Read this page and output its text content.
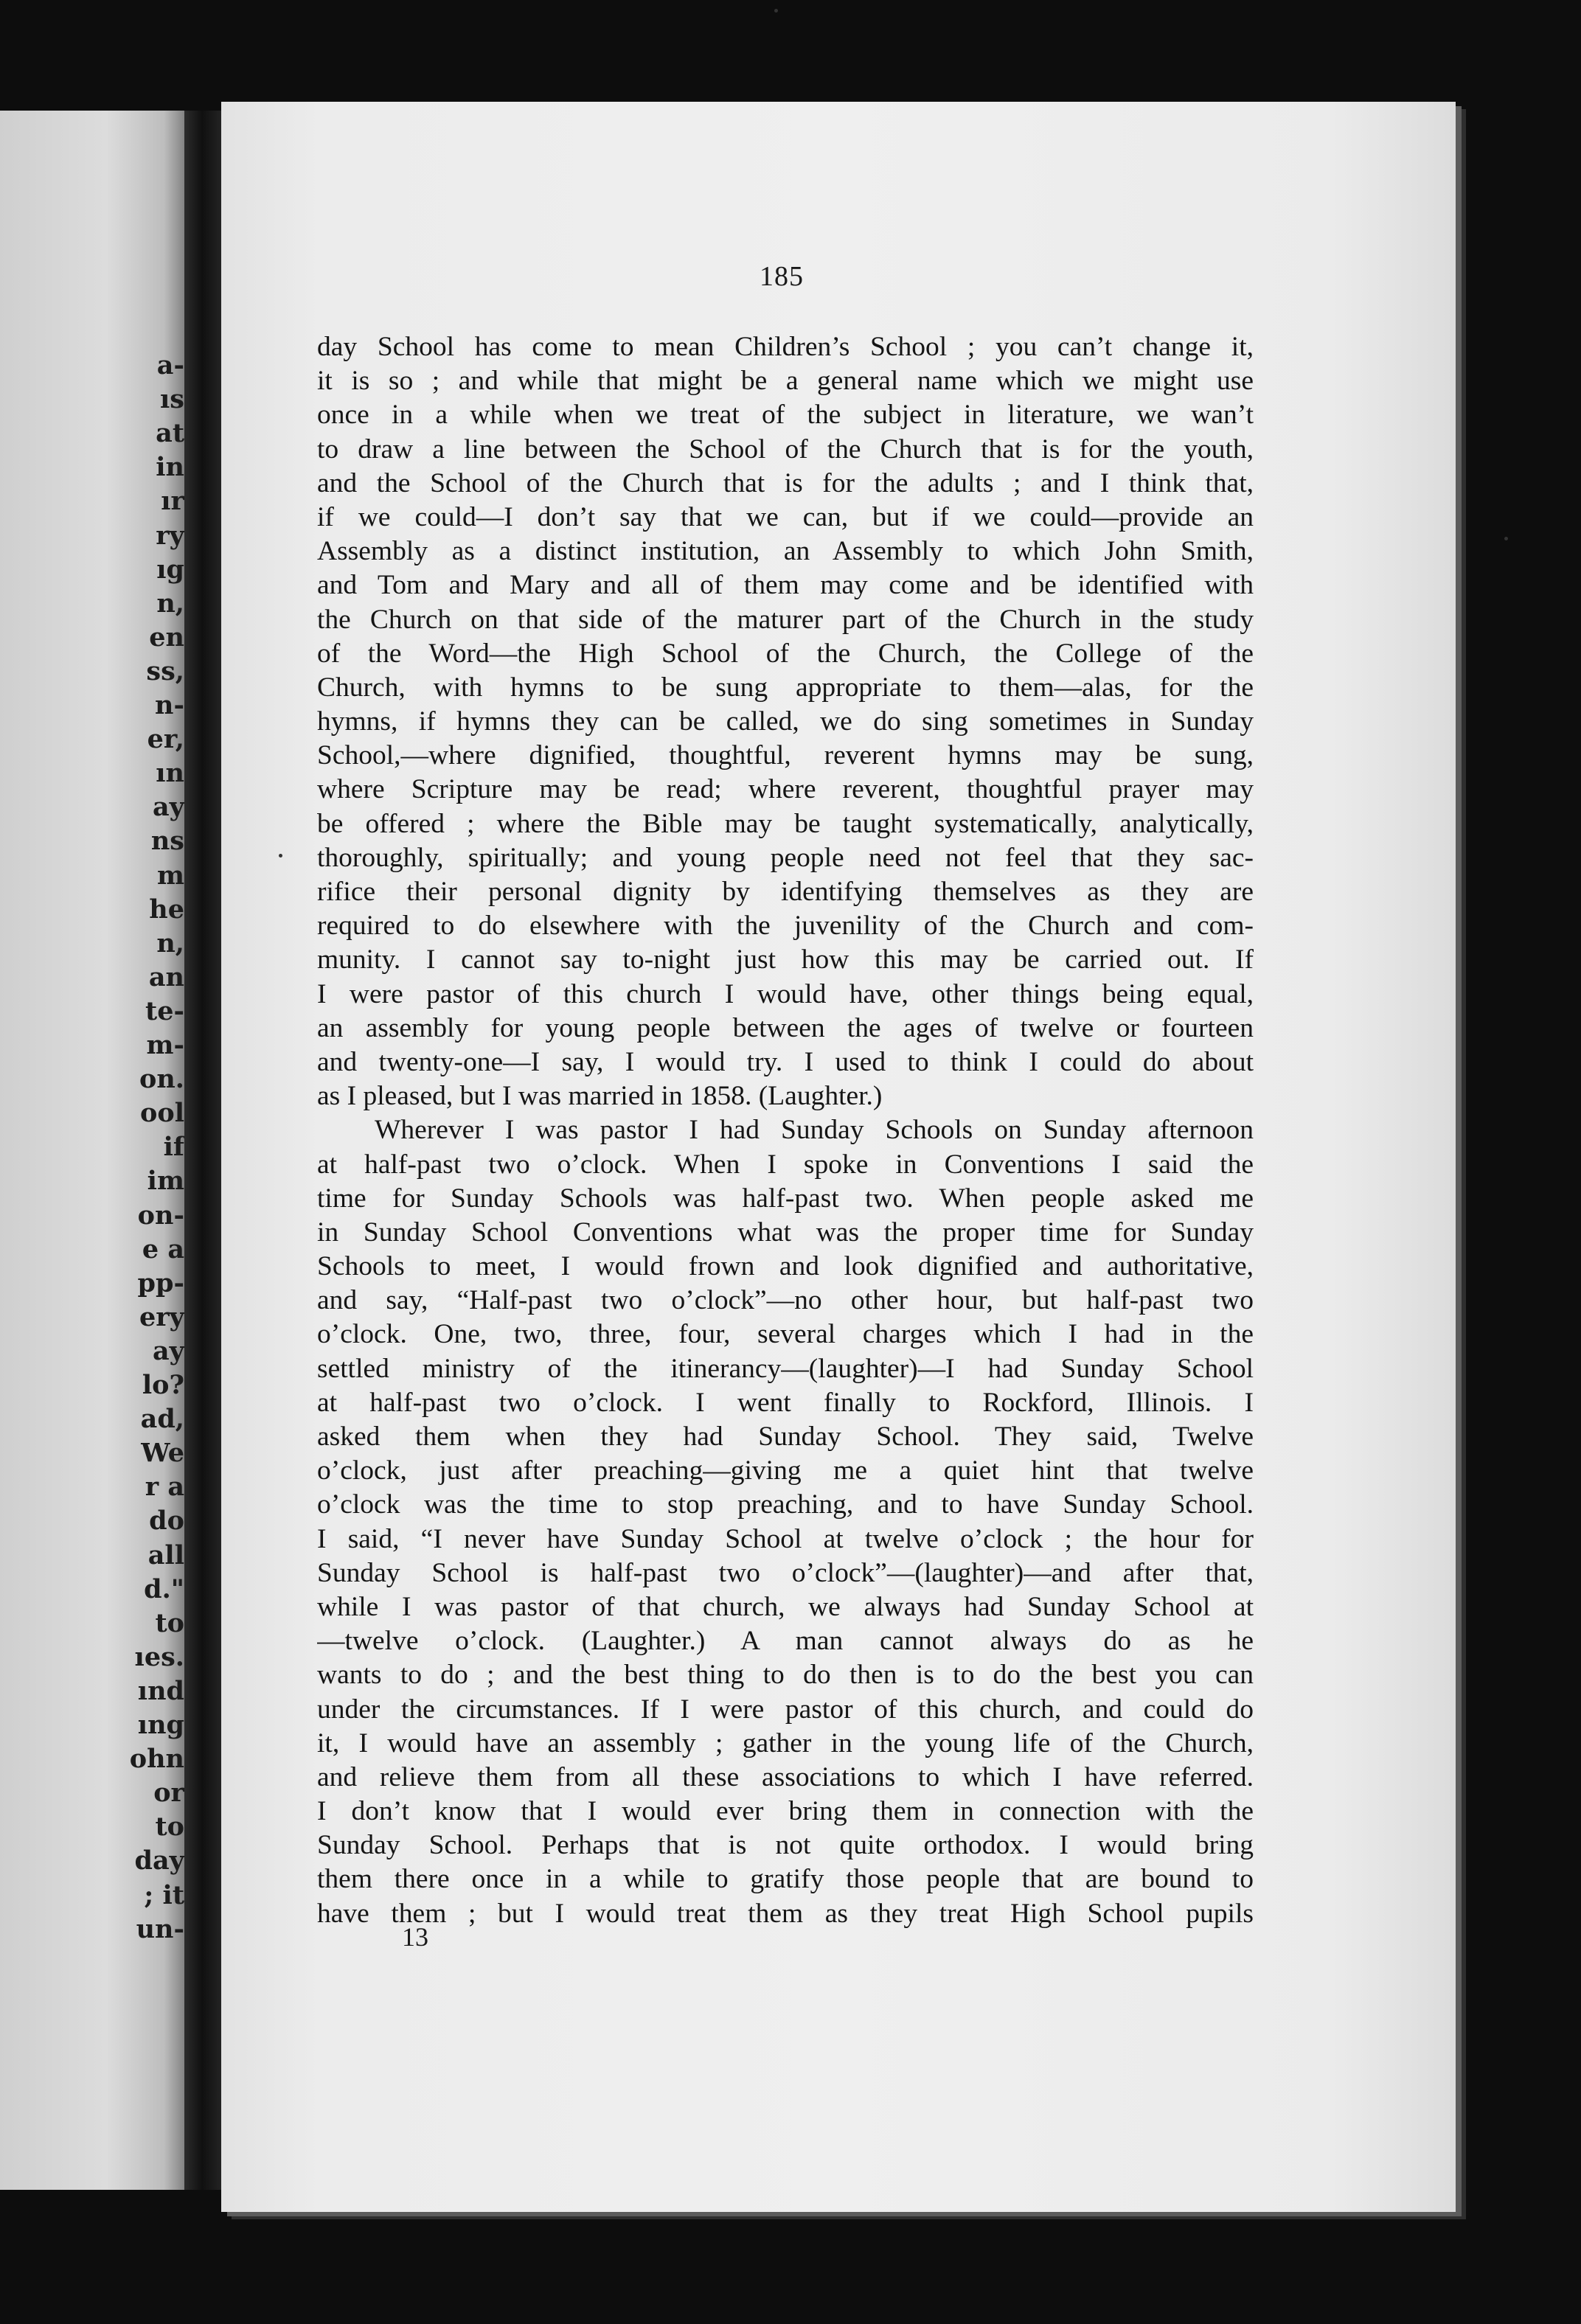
a-
ıs
at
in
ır
ry
ıg
n,
en
ss,
n-
er,
ın
ay
ns
m
he
n,
an
te-
m-
on.
ool
if
im
on-
e a
pp-
ery
ay
lo?
ad,
We
r a
do
all
d."
to
ıes.
ınd
ıng
ohn
or
to
day
; it
un-
185
day School has come to mean Children’s School ; you can’t change it,
it is so ; and while that might be a general name which we might use
once in a while when we treat of the subject in literature, we wan’t
to draw a line between the School of the Church that is for the youth,
and the School of the Church that is for the adults ; and I think that,
if we could—I don’t say that we can, but if we could—provide an
Assembly as a distinct institution, an Assembly to which John Smith,
and Tom and Mary and all of them may come and be identified with
the Church on that side of the maturer part of the Church in the study
of the Word—the High School of the Church, the College of the
Church, with hymns to be sung appropriate to them—alas, for the
hymns, if hymns they can be called, we do sing sometimes in Sunday
School,—where dignified, thoughtful, reverent hymns may be sung,
where Scripture may be read; where reverent, thoughtful prayer may
be offered ; where the Bible may be taught systematically, analytically,
thoroughly, spiritually; and young people need not feel that they sac-
rifice their personal dignity by identifying themselves as they are
required to do elsewhere with the juvenility of the Church and com-
munity. I cannot say to-night just how this may be carried out. If
I were pastor of this church I would have, other things being equal,
an assembly for young people between the ages of twelve or fourteen
and twenty-one—I say, I would try. I used to think I could do about
as I pleased, but I was married in 1858. (Laughter.)
Wherever I was pastor I had Sunday Schools on Sunday afternoon
at half-past two o’clock. When I spoke in Conventions I said the
time for Sunday Schools was half-past two. When people asked me
in Sunday School Conventions what was the proper time for Sunday
Schools to meet, I would frown and look dignified and authoritative,
and say, “Half-past two o’clock”—no other hour, but half-past two
o’clock. One, two, three, four, several charges which I had in the
settled ministry of the itinerancy—(laughter)—I had Sunday School
at half-past two o’clock. I went finally to Rockford, Illinois. I
asked them when they had Sunday School. They said, Twelve
o’clock, just after preaching—giving me a quiet hint that twelve
o’clock was the time to stop preaching, and to have Sunday School.
I said, “I never have Sunday School at twelve o’clock ; the hour for
Sunday School is half-past two o’clock”—(laughter)—and after that,
while I was pastor of that church, we always had Sunday School at
—twelve o’clock. (Laughter.) A man cannot always do as he
wants to do ; and the best thing to do then is to do the best you can
under the circumstances. If I were pastor of this church, and could do
it, I would have an assembly ; gather in the young life of the Church,
and relieve them from all these associations to which I have referred.
I don’t know that I would ever bring them in connection with the
Sunday School. Perhaps that is not quite orthodox. I would bring
them there once in a while to gratify those people that are bound to
have them ; but I would treat them as they treat High School pupils
13
